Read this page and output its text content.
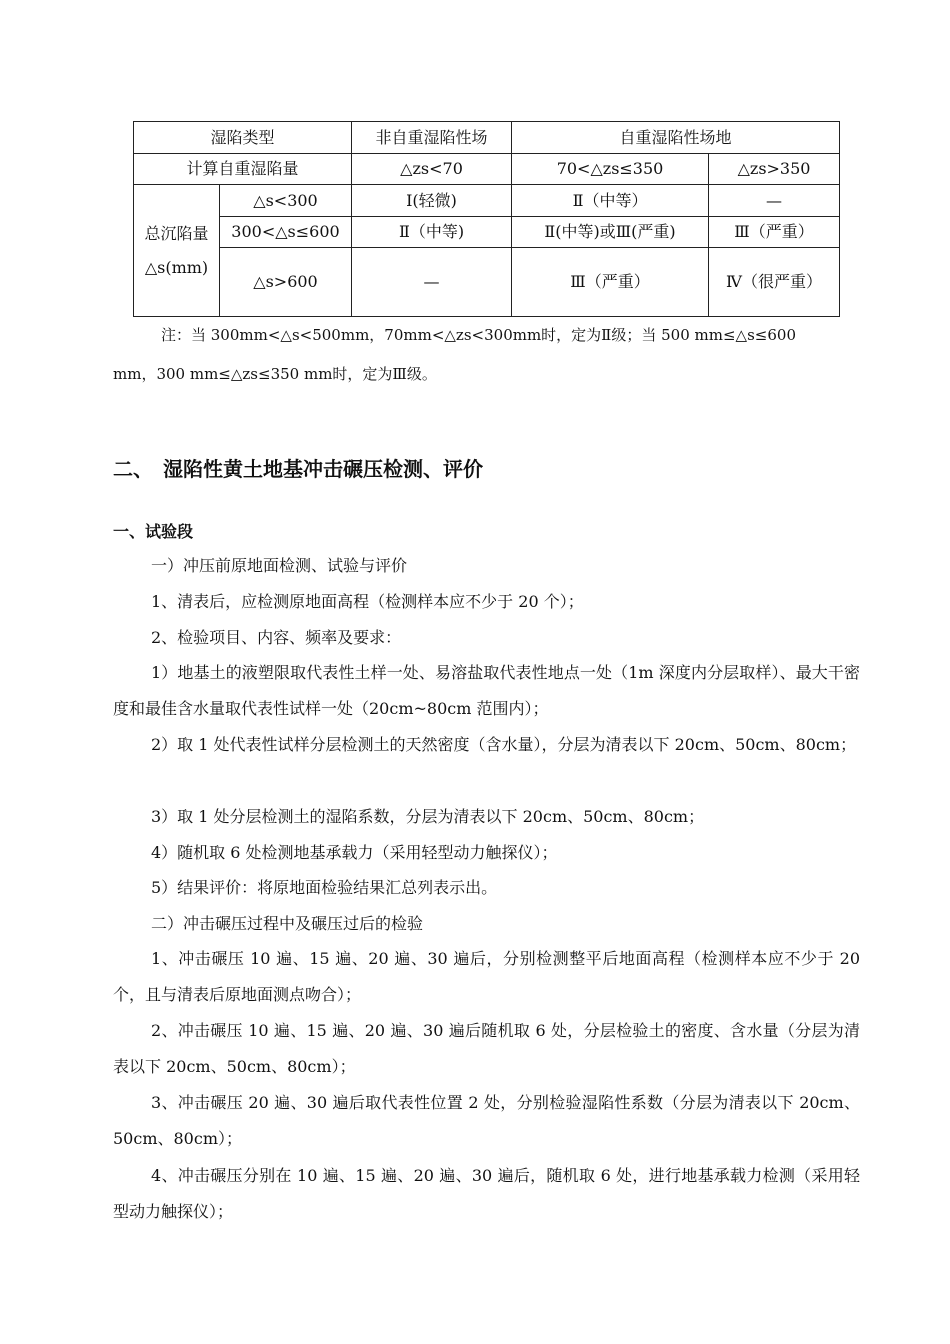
湿陷类型		非自重湿陷性场	自重湿陷性场地	
计算自重湿陷量		△zs<70	70<△zs≤350	△zs>350
总沉陷量△s(mm)	△s<300	Ⅰ(轻微)	Ⅱ（中等）	—
	300<△s≤600	Ⅱ（中等)	Ⅱ(中等)或Ⅲ(严重)	Ⅲ（严重）
	△s>600	—	Ⅲ（严重）	Ⅳ（很严重）
注：当 300mm<△s<500mm，70mm<△zs<300mm时，定为Ⅱ级；当 500 mm≤△s≤600
mm，300 mm≤△zs≤350 mm时，定为Ⅲ级。
二、 湿陷性黄土地基冲击碾压检测、评价
一、试验段
一）冲压前原地面检测、试验与评价
1、清表后，应检测原地面高程（检测样本应不少于 20 个）；
2、检验项目、内容、频率及要求：
1）地基土的液塑限取代表性土样一处、易溶盐取代表性地点一处（1m 深度内分层取样）、最大干密度和最佳含水量取代表性试样一处（20cm~80cm 范围内）；
2）取 1 处代表性试样分层检测土的天然密度（含水量），分层为清表以下 20cm、50cm、80cm；
3）取 1 处分层检测土的湿陷系数，分层为清表以下 20cm、50cm、80cm；
4）随机取 6 处检测地基承载力（采用轻型动力触探仪）；
5）结果评价：将原地面检验结果汇总列表示出。
二）冲击碾压过程中及碾压过后的检验
1、冲击碾压 10 遍、15 遍、20 遍、30 遍后，分别检测整平后地面高程（检测样本应不少于 20 个，且与清表后原地面测点吻合）；
2、冲击碾压 10 遍、15 遍、20 遍、30 遍后随机取 6 处，分层检验土的密度、含水量（分层为清表以下 20cm、50cm、80cm）；
3、冲击碾压 20 遍、30 遍后取代表性位置 2 处，分别检验湿陷性系数（分层为清表以下 20cm、50cm、80cm）；
4、冲击碾压分别在 10 遍、15 遍、20 遍、30 遍后，随机取 6 处，进行地基承载力检测（采用轻型动力触探仪）；
